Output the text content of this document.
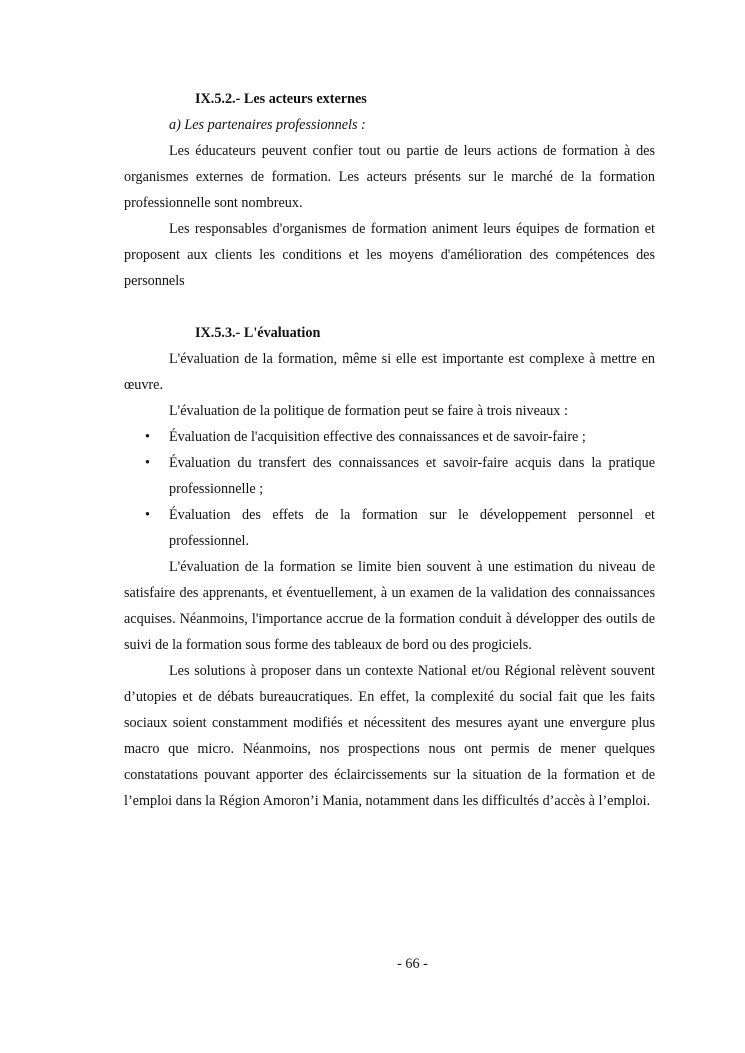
IX.5.2.- Les acteurs externes

a) Les partenaires professionnels :

Les éducateurs peuvent confier tout ou partie de leurs actions de formation à des organismes externes de formation. Les acteurs présents sur le marché de la formation professionnelle sont nombreux.

Les responsables d'organismes de formation animent leurs équipes de formation et proposent aux clients les conditions et les moyens d'amélioration des compétences des personnels

IX.5.3.- L'évaluation

L'évaluation de la formation, même si elle est importante est complexe à mettre en œuvre.

L'évaluation de la politique de formation peut se faire à trois niveaux :

• Évaluation de l'acquisition effective des connaissances et de savoir-faire ;
• Évaluation du transfert des connaissances et savoir-faire acquis dans la pratique professionnelle ;
• Évaluation des effets de la formation sur le développement personnel et professionnel.

L'évaluation de la formation se limite bien souvent à une estimation du niveau de satisfaire des apprenants, et éventuellement, à un examen de la validation des connaissances acquises. Néanmoins, l'importance accrue de la formation conduit à développer des outils de suivi de la formation sous forme des tableaux de bord ou des progiciels.

Les solutions à proposer dans un contexte National et/ou Régional relèvent souvent d’utopies et de débats bureaucratiques. En effet, la complexité du social fait que les faits sociaux soient constamment modifiés et nécessitent des mesures ayant une envergure plus macro que micro. Néanmoins, nos prospections nous ont permis de mener quelques constatations pouvant apporter des éclaircissements sur la situation de la formation et de l’emploi dans la Région Amoron’i Mania, notamment dans les difficultés d’accès à l’emploi.

- 66 -
